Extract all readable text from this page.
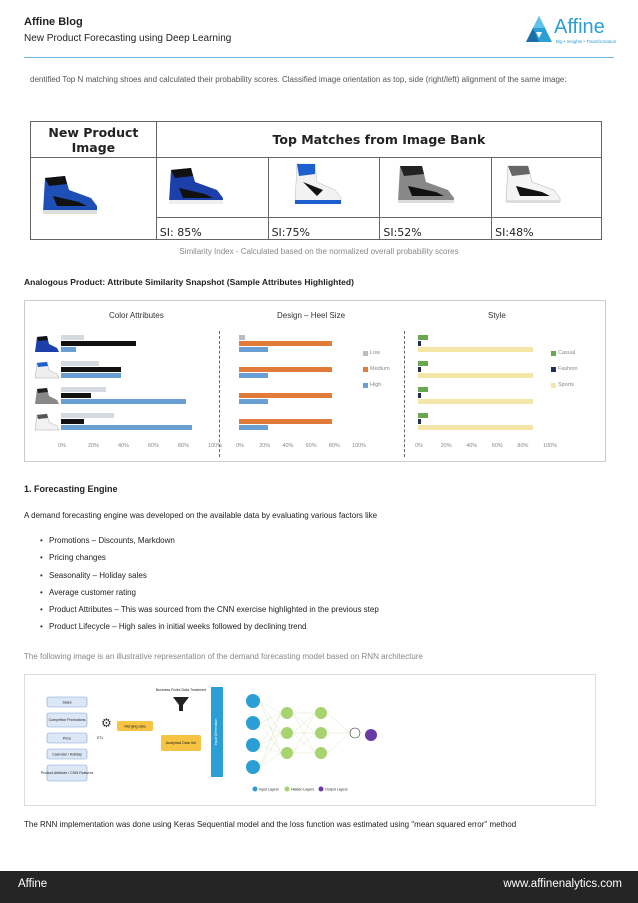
Affine Blog
New Product Forecasting using Deep Learning
Affine
Big • Insights • Transformation
dentified Top N matching shoes and calculated their probability scores. Classified image orientation as top, side (right/left) alignment of the same image:
New Product
Image	Top Matches from Image Bank			

	SI: 85%	SI:75%	SI:52%	SI:48%
Similarity Index - Calculated based on the normalized overall probability scores
Analogous Product: Attribute Similarity Snapshot (Sample Attributes Highlighted)
Color Attributes	Design – Heel Size	Style
0%	20%	40%	60%	80%	100%	0%	20% 40% 60% 80% 100%
Low
Medium
High
0%	20%	40%	60%	80%	100%
Casual
Fashion
Sports
1. Forecasting Engine
A demand forecasting engine was developed on the available data by evaluating various factors like
• Promotions – Discounts, Markdown
• Pricing changes
• Seasonality – Holiday sales
• Average customer rating
• Product Attributes – This was sourced from the CNN exercise highlighted in the previous step
• Product Lifecycle – High sales in initial weeks followed by declining trend
The following image is an illustrative representation of the demand forecasting model based on RNN architecture
Sales
Competitor Promotions
Price
Calendar / Holiday
Product Attribute / CNN Features
⚙
ETL
Merging data
Business Rules Data Treatment
Analytical Data Set	Input Generation
Input Layers	Hidden Layers	Output Layers
The RNN implementation was done using Keras Sequential model and the loss function was estimated using "mean squared error" method
Affine	www.affinenalytics.com
